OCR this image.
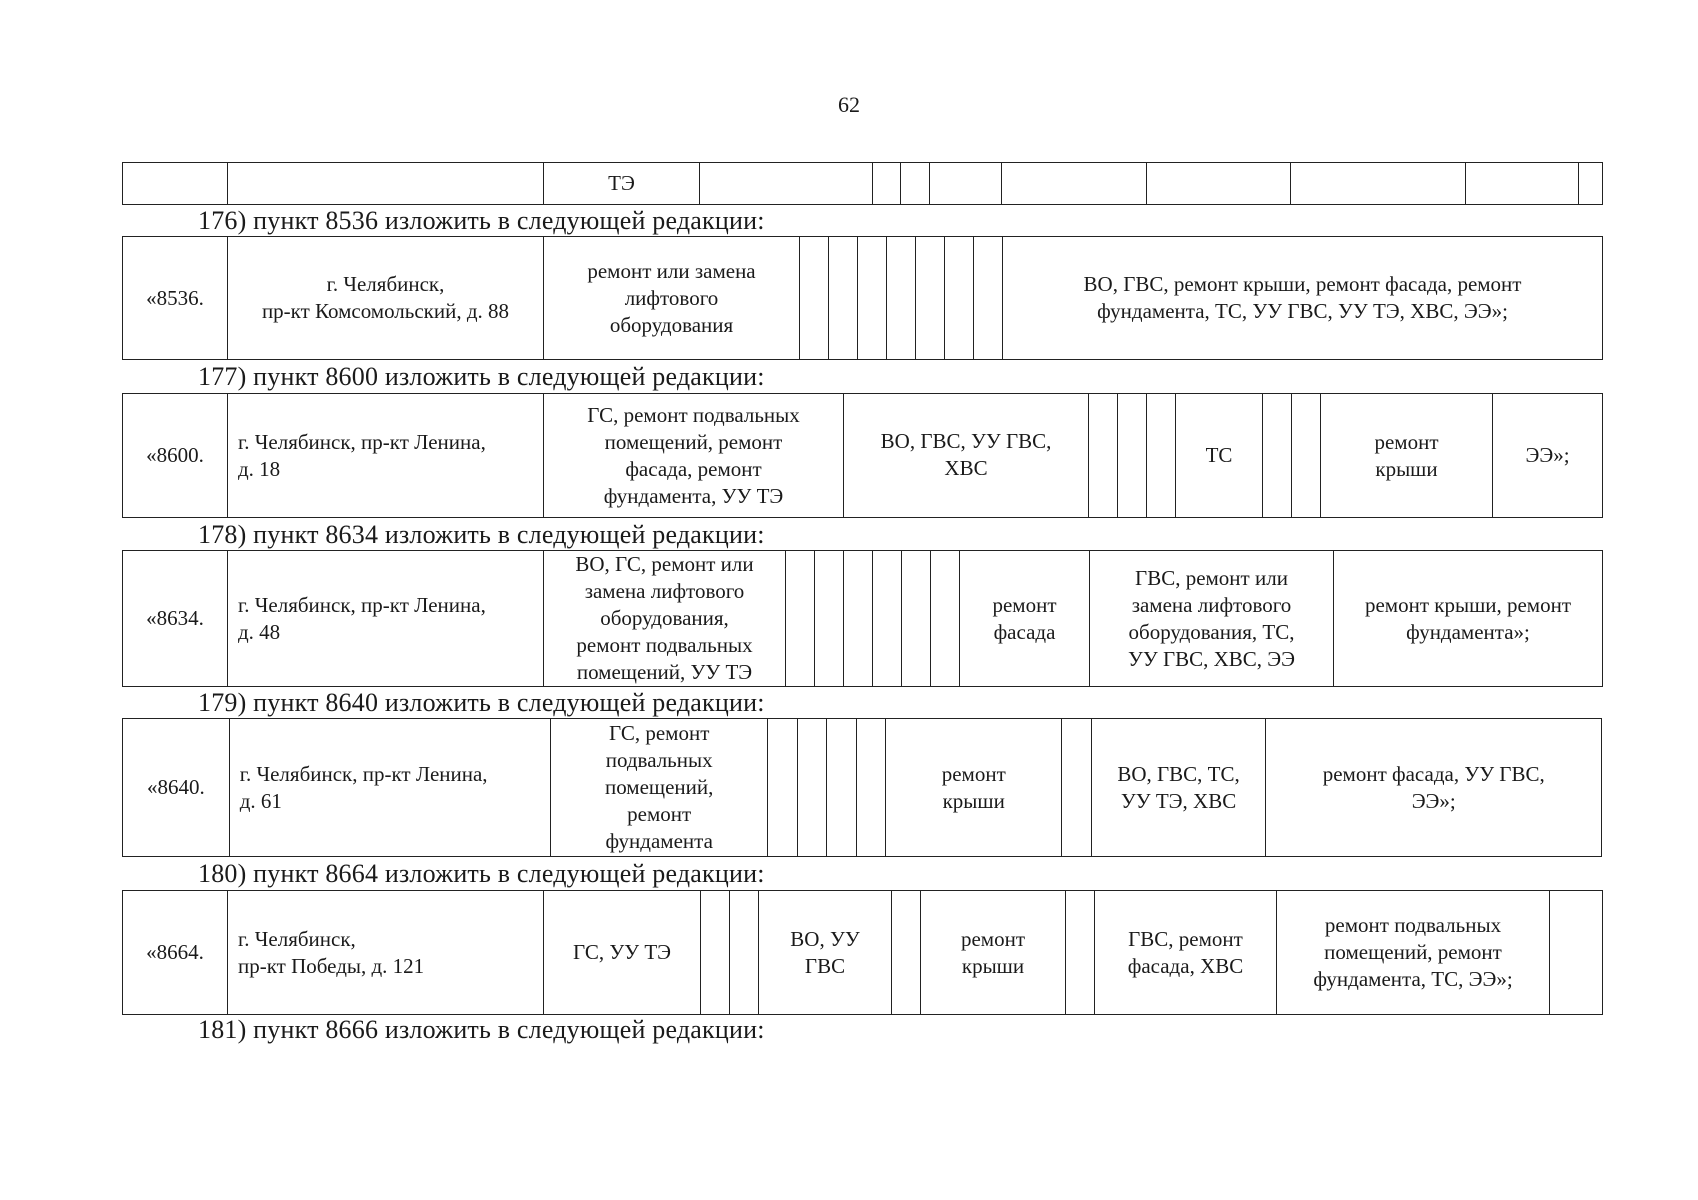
62
		ТЭ									
176) пункт 8536 изложить в следующей редакции:
«8536.	г. Челябинск,
пр-кт Комсомольский, д. 88	ремонт или замена
лифтового
оборудования								ВО, ГВС, ремонт крыши, ремонт фасада, ремонт
фундамента, ТС, УУ ГВС, УУ ТЭ, ХВС, ЭЭ»;
177) пункт 8600 изложить в следующей редакции:
«8600.	г. Челябинск, пр-кт Ленина,
д. 18	ГС, ремонт подвальных
помещений, ремонт
фасада, ремонт
фундамента, УУ ТЭ	ВО, ГВС, УУ ГВС,
ХВС				ТС			ремонт
крыши	ЭЭ»;
178) пункт 8634 изложить в следующей редакции:
«8634.	г. Челябинск, пр-кт Ленина,
д. 48	ВО, ГС, ремонт или
замена лифтового
оборудования,
ремонт подвальных
помещений, УУ ТЭ							ремонт
фасада	ГВС, ремонт или
замена лифтового
оборудования, ТС,
УУ ГВС, ХВС, ЭЭ	ремонт крыши, ремонт
фундамента»;
179) пункт 8640 изложить в следующей редакции:
«8640.	г. Челябинск, пр-кт Ленина,
д. 61	ГС, ремонт
подвальных
помещений,
ремонт
фундамента					ремонт
крыши		ВО, ГВС, ТС,
УУ ТЭ, ХВС	ремонт фасада, УУ ГВС,
ЭЭ»;
180) пункт 8664 изложить в следующей редакции:
«8664.	г. Челябинск,
пр-кт Победы, д. 121	ГС, УУ ТЭ			ВО, УУ
ГВС		ремонт
крыши		ГВС, ремонт
фасада, ХВС	ремонт подвальных
помещений, ремонт
фундамента, ТС, ЭЭ»;	
181) пункт 8666 изложить в следующей редакции:
